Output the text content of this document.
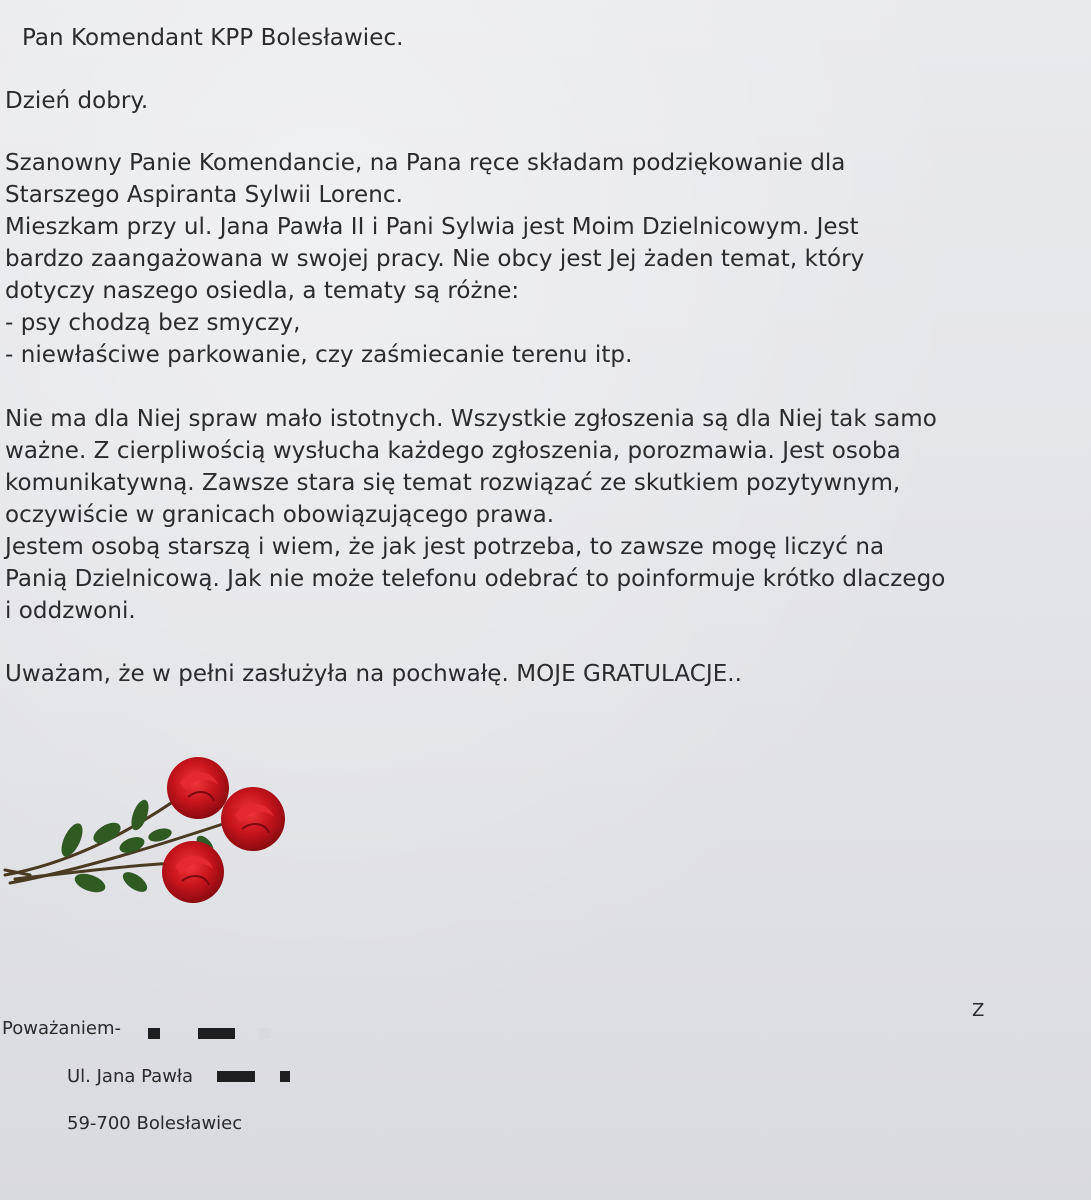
Pan Komendant KPP Bolesławiec.
Dzień dobry.
Szanowny Panie Komendancie, na Pana ręce składam podziękowanie dla
Starszego Aspiranta Sylwii Lorenc.
Mieszkam przy ul. Jana Pawła II i Pani Sylwia jest Moim Dzielnicowym. Jest
bardzo zaangażowana w swojej pracy. Nie obcy jest Jej żaden temat, który
dotyczy naszego osiedla, a tematy są różne:
- psy chodzą bez smyczy,
- niewłaściwe parkowanie, czy zaśmiecanie terenu itp.
Nie ma dla Niej spraw mało istotnych. Wszystkie zgłoszenia są dla Niej tak samo
ważne. Z cierpliwością wysłucha każdego zgłoszenia, porozmawia. Jest osoba
komunikatywną. Zawsze stara się temat rozwiązać ze skutkiem pozytywnym,
oczywiście w granicach obowiązującego prawa.
Jestem osobą starszą i wiem, że jak jest potrzeba, to zawsze mogę liczyć na
Panią Dzielnicową. Jak nie może telefonu odebrać to poinformuje krótko dlaczego
i oddzwoni.
Uważam, że w pełni zasłużyła na pochwałę. MOJE GRATULACJE..
Poważaniem-
Z
Ul. Jana Pawła
59-700 Bolesławiec
